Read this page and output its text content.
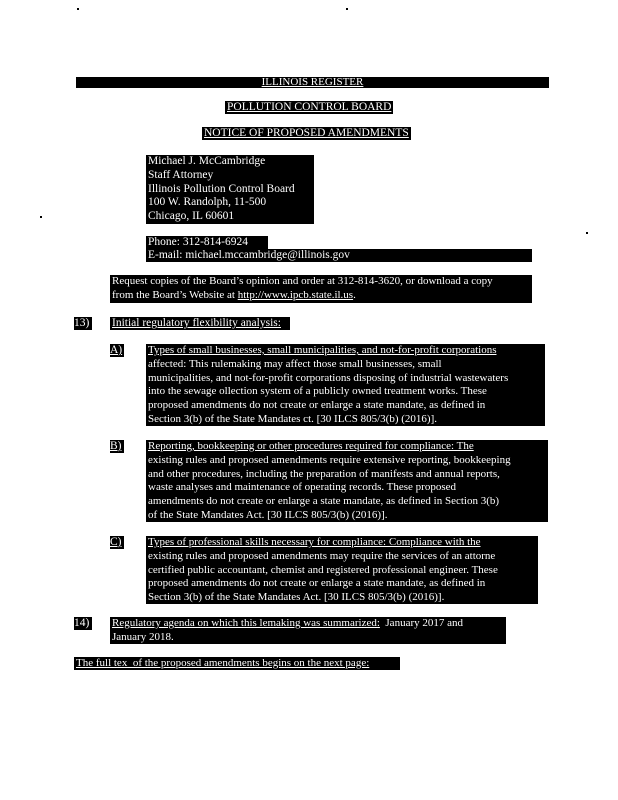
ILLINOIS REGISTER
POLLUTION CONTROL BOARD
NOTICE OF PROPOSED AMENDMENTS
Michael J. McCambridge
Staff Attorney
Illinois Pollution Control Board
100 W. Randolph, 11-500
Chicago, IL 60601
Phone: 312-814-6924
E-mail: michael.mccambridge@illinois.gov
Request copies of the Board’s opinion and order at 312-814-3620, or download a copy
from the Board’s Website at http://www.ipcb.state.il.us.
13) Initial regulatory flexibility analysis:
A) Types of small businesses, small municipalities, and not-for-profit corporations
affected: This rulemaking may affect those small businesses, small
municipalities, and not-for-profit corporations disposing of industrial wastewaters
into the sewage ollection system of a publicly owned treatment works. These
proposed amendments do not create or enlarge a state mandate, as defined in
Section 3(b) of the State Mandates ct. [30 ILCS 805/3(b) (2016)].
B) Reporting, bookkeeping or other procedures required for compliance: The
existing rules and proposed amendments require extensive reporting, bookkeeping
and other procedures, including the preparation of manifests and annual reports,
waste analyses and maintenance of operating records. These proposed
amendments do not create or enlarge a state mandate, as defined in Section 3(b)
of the State Mandates Act. [30 ILCS 805/3(b) (2016)].
C) Types of professional skills necessary for compliance: Compliance with the
existing rules and proposed amendments may require the services of an attorne
certified public accountant, chemist and registered professional engineer. These
proposed amendments do not create or enlarge a state mandate, as defined in
Section 3(b) of the State Mandates Act. [30 ILCS 805/3(b) (2016)].
14) Regulatory agenda on which this lemaking was summarized:  January 2017 and
January 2018.
The full tex  of the proposed amendments begins on the next page:
